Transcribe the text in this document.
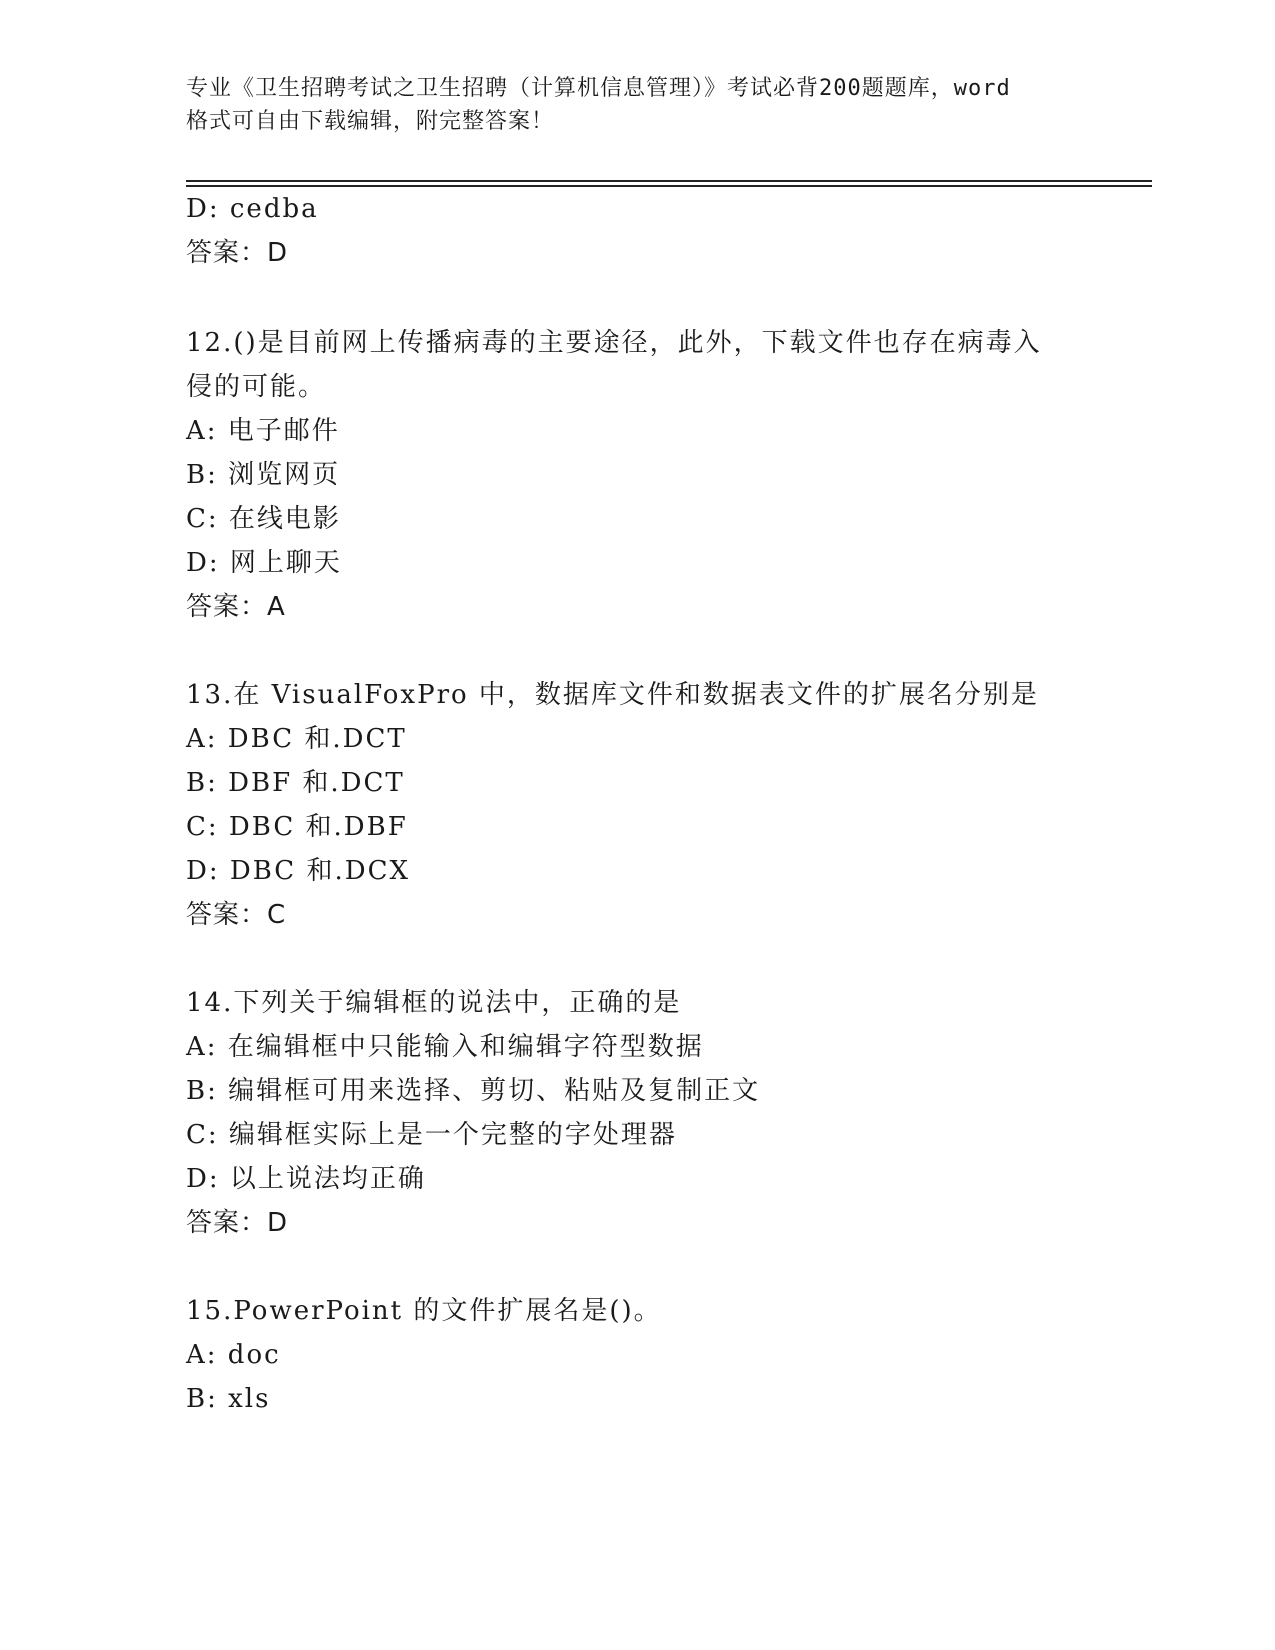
专业《卫生招聘考试之卫生招聘（计算机信息管理）》考试必背200题题库，word
格式可自由下载编辑，附完整答案！
D: cedba
答案：D
12.()是目前网上传播病毒的主要途径，此外，下载文件也存在病毒入
侵的可能。
A: 电子邮件
B: 浏览网页
C: 在线电影
D: 网上聊天
答案：A
13.在 VisualFoxPro 中，数据库文件和数据表文件的扩展名分别是
A: DBC 和.DCT
B: DBF 和.DCT
C: DBC 和.DBF
D: DBC 和.DCX
答案：C
14.下列关于编辑框的说法中，正确的是
A: 在编辑框中只能输入和编辑字符型数据
B: 编辑框可用来选择、剪切、粘贴及复制正文
C: 编辑框实际上是一个完整的字处理器
D: 以上说法均正确
答案：D
15.PowerPoint 的文件扩展名是()。
A: doc
B: xls
